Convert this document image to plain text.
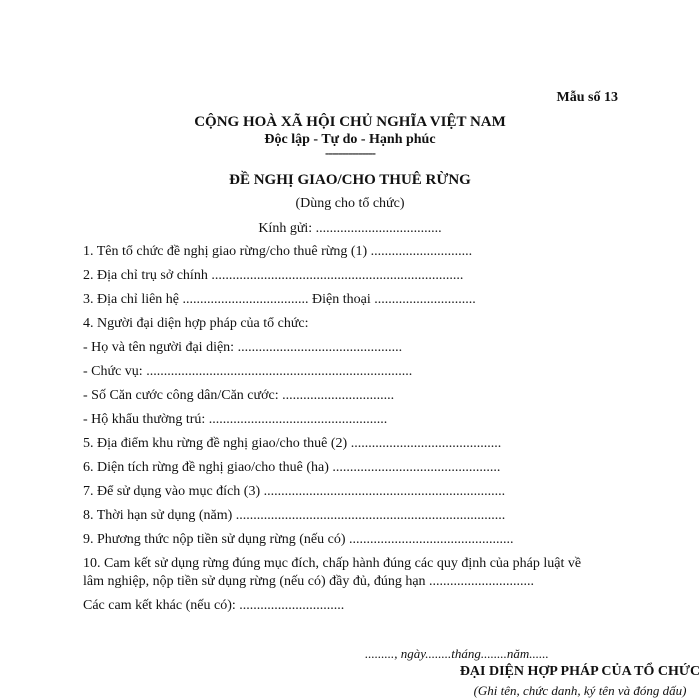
Mẫu số 13
CỘNG HOÀ XÃ HỘI CHỦ NGHĨA VIỆT NAM
Độc lập - Tự do - Hạnh phúc
---------------
ĐỀ NGHỊ GIAO/CHO THUÊ RỪNG
(Dùng cho tổ chức)
Kính gửi: ....................................
1. Tên tổ chức đề nghị giao rừng/cho thuê rừng (1) .............................
2. Địa chỉ trụ sở chính ........................................................................
3. Địa chỉ liên hệ .................................... Điện thoại .............................
4. Người đại diện hợp pháp của tổ chức:
- Họ và tên người đại diện: ...............................................
- Chức vụ: ............................................................................
- Số Căn cước công dân/Căn cước: ................................
- Hộ khẩu thường trú: ...................................................
5. Địa điểm khu rừng đề nghị giao/cho thuê (2) ...........................................
6. Diện tích rừng đề nghị giao/cho thuê (ha) ................................................
7. Để sử dụng vào mục đích (3) .....................................................................
8. Thời hạn sử dụng (năm) .............................................................................
9. Phương thức nộp tiền sử dụng rừng (nếu có) ...............................................
10. Cam kết sử dụng rừng đúng mục đích, chấp hành đúng các quy định của pháp luật về
lâm nghiệp, nộp tiền sử dụng rừng (nếu có) đầy đủ, đúng hạn ..............................
Các cam kết khác (nếu có): ..............................
........., ngày........tháng........năm......
ĐẠI DIỆN HỢP PHÁP CỦA TỔ CHỨC
(Ghi tên, chức danh, ký tên và đóng dấu)
